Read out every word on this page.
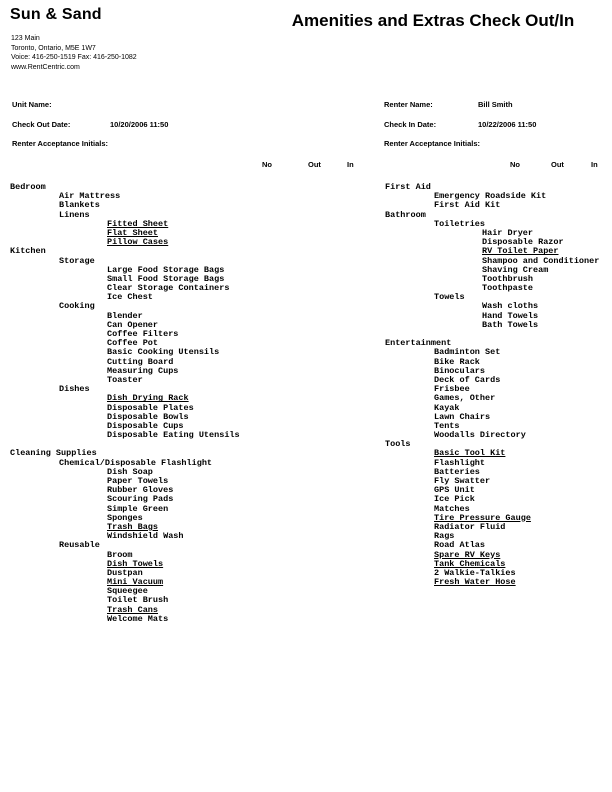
Sun & Sand
123 Main
Toronto, Ontario, M5E 1W7
Voice: 416-250-1519 Fax: 416-250-1082
www.RentCentric.com
Amenities and Extras Check Out/In
Unit Name:
Check Out Date:	10/20/2006 11:50
Renter Acceptance Initials:
Renter Name:	Bill Smith
Check In Date:	10/22/2006 11:50
Renter Acceptance Initials:
No	Out	In	No	Out	In
Bedroom
Air Mattress
Blankets
Linens
Fitted Sheet
Flat Sheet
Pillow Cases
Kitchen
Storage
Large Food Storage Bags
Small Food Storage Bags
Clear Storage Containers
Ice Chest
Cooking
Blender
Can Opener
Coffee Filters
Coffee Pot
Basic Cooking Utensils
Cutting Board
Measuring Cups
Toaster
Dishes
Dish Drying Rack
Disposable Plates
Disposable Bowls
Disposable Cups
Disposable Eating Utensils
Cleaning Supplies
Chemical/Disposable Flashlight
Dish Soap
Paper Towels
Rubber Gloves
Scouring Pads
Simple Green
Sponges
Trash Bags
Windshield Wash
Reusable
Broom
Dish Towels
Dustpan
Mini Vacuum
Squeegee
Toilet Brush
Trash Cans
Welcome Mats
First Aid
Emergency Roadside Kit
First Aid Kit
Bathroom
Toiletries
Hair Dryer
Disposable Razor
RV Toilet Paper
Shampoo and Conditioner
Shaving Cream
Toothbrush
Toothpaste
Towels
Wash cloths
Hand Towels
Bath Towels
Entertainment
Badminton Set
Bike Rack
Binoculars
Deck of Cards
Frisbee
Games, Other
Kayak
Lawn Chairs
Tents
Woodalls Directory
Tools
Basic Tool Kit
Flashlight
Batteries
Fly Swatter
GPS Unit
Ice Pick
Matches
Tire Pressure Gauge
Radiator Fluid
Rags
Road Atlas
Spare RV Keys
Tank Chemicals
2 Walkie-Talkies
Fresh Water Hose
